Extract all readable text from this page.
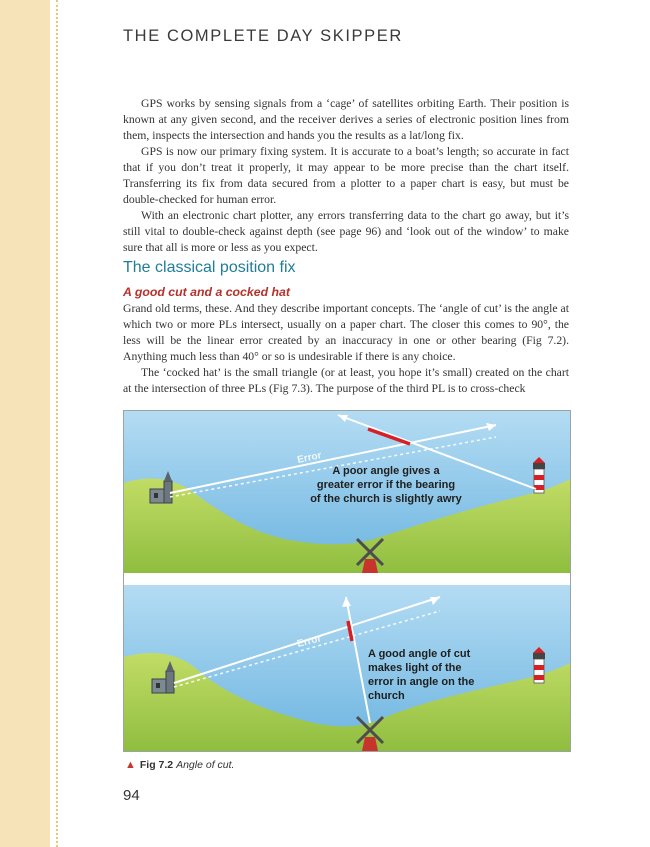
THE COMPLETE DAY SKIPPER

GPS works by sensing signals from a ‘cage’ of satellites orbiting Earth. Their position is known at any given second, and the receiver derives a series of electronic position lines from them, inspects the intersection and hands you the results as a lat/long fix.

GPS is now our primary fixing system. It is accurate to a boat’s length; so accurate in fact that if you don’t treat it properly, it may appear to be more precise than the chart itself. Transferring its fix from data secured from a plotter to a paper chart is easy, but must be double-checked for human error.

With an electronic chart plotter, any errors transferring data to the chart go away, but it’s still vital to double-check against depth (see page 96) and ‘look out of the window’ to make sure that all is more or less as you expect.

The classical position fix
A good cut and a cocked hat

Grand old terms, these. And they describe important concepts. The ‘angle of cut’ is the angle at which two or more PLs intersect, usually on a paper chart. The closer this comes to 90°, the less will be the linear error created by an inaccuracy in one or other bearing (Fig 7.2). Anything much less than 40° or so is undesirable if there is any choice.

The ‘cocked hat’ is the small triangle (or at least, you hope it’s small) created on the chart at the intersection of three PLs (Fig 7.3). The purpose of the third PL is to cross-check

Error
A poor angle gives a
greater error if the bearing
of the church is slightly awry
Error
A good angle of cut
makes light of the
error in angle on the
church
▲ Fig 7.2 Angle of cut.
94
